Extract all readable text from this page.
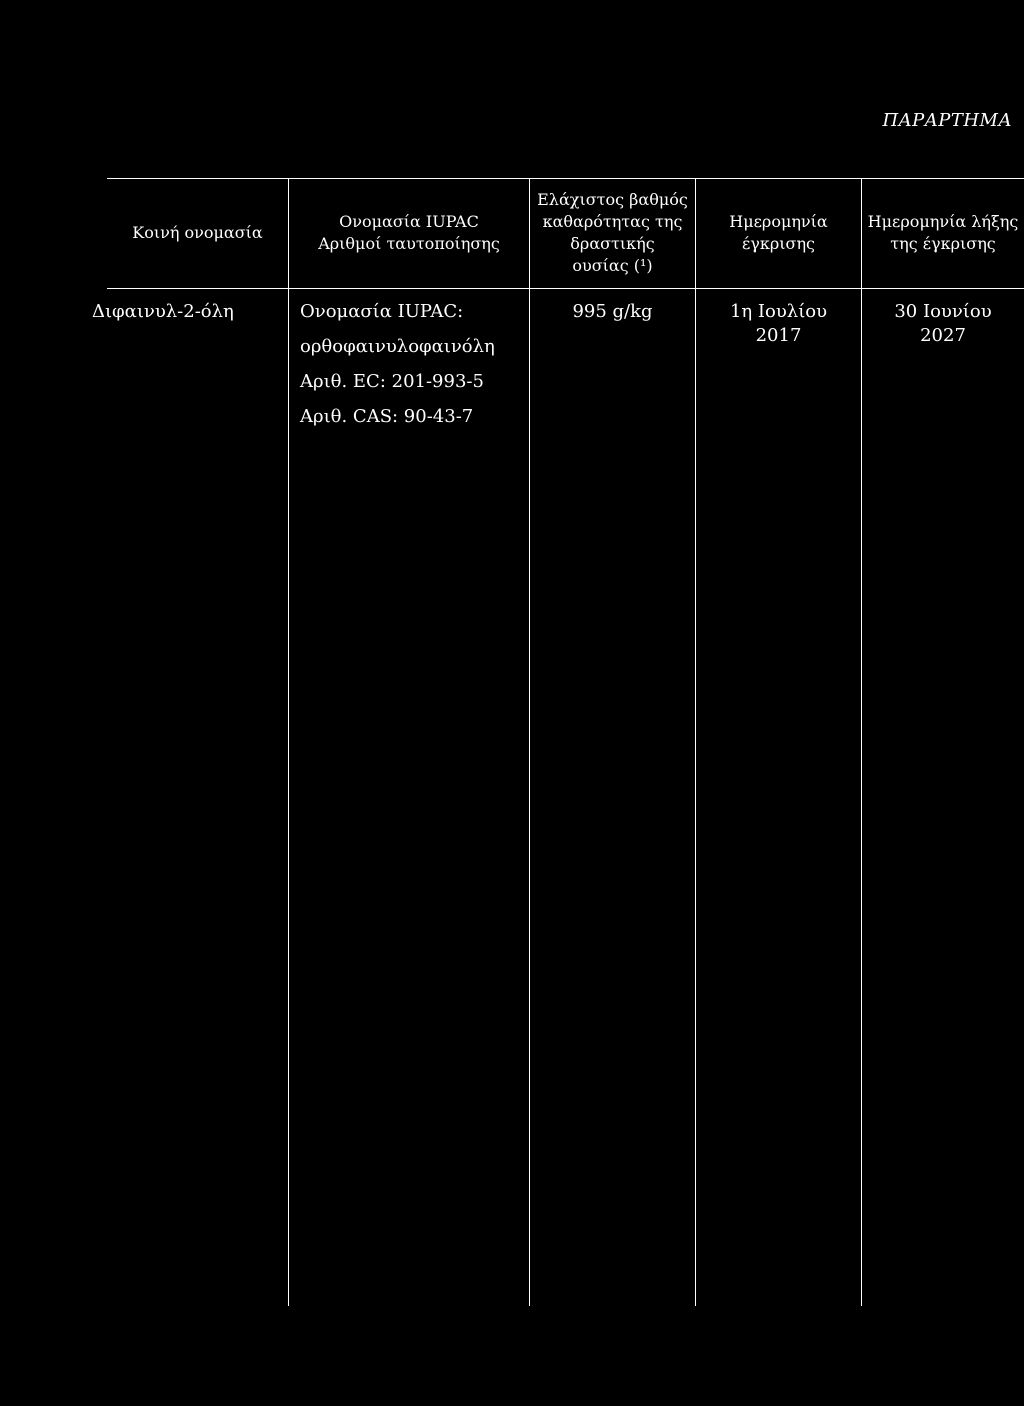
ΠΑΡΑΡΤΗΜΑ
Κοινή ονομασία
Ονομασία IUPAC
Αριθμοί ταυτοποίησης
Ελάχιστος βαθμός
καθαρότητας της
δραστικής
ουσίας (¹)
Ημερομηνία
έγκρισης
Ημερομηνία λήξης
της έγκρισης
Διφαινυλ-2-όλη	Ονομασία IUPAC:
ορθοφαινυλοφαινόλη
Αριθ. EC: 201-993-5
Αριθ. CAS: 90-43-7
995 g/kg	1η Ιουλίου
2017
30 Ιουνίου
2027
